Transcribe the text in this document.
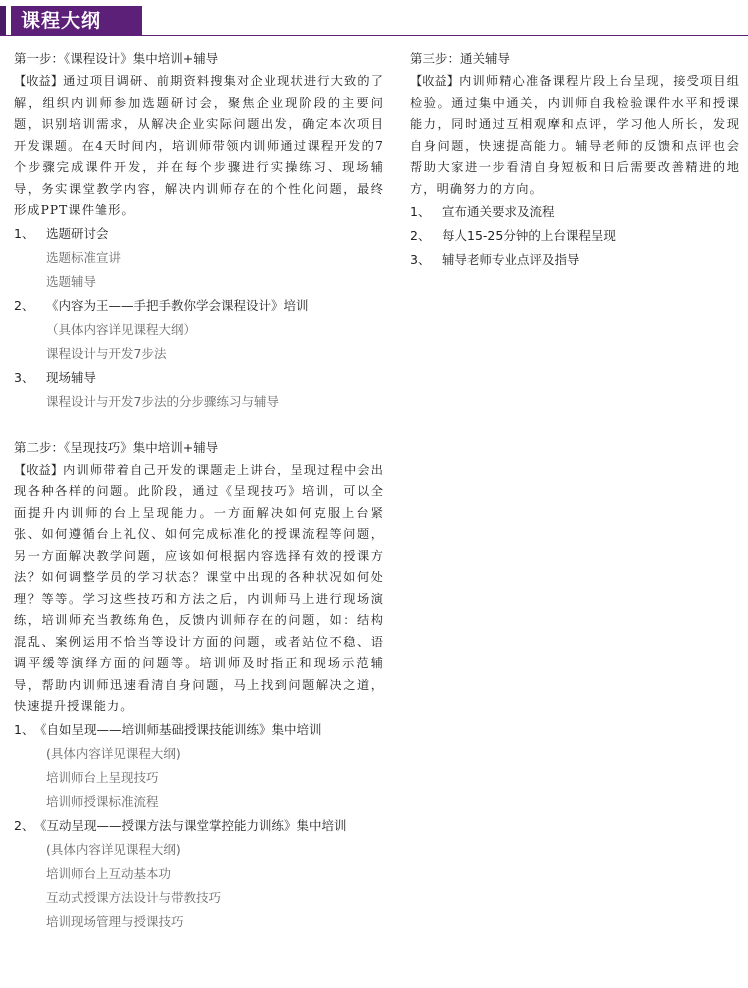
课程大纲
第一步：《课程设计》集中培训+辅导

【收益】通过项目调研、前期资料搜集对企业现状进行大致的了解，组织内训师参加选题研讨会，聚焦企业现阶段的主要问题，识别培训需求，从解决企业实际问题出发，确定本次项目开发课题。在4天时间内，培训师带领内训师通过课程开发的7个步骤完成课件开发，并在每个步骤进行实操练习、现场辅导，务实课堂教学内容，解决内训师存在的个性化问题，最终形成PPT课件雏形。

1、 选题研讨会
选题标准宣讲
选题辅导
2、 《内容为王——手把手教你学会课程设计》培训
（具体内容详见课程大纲）
课程设计与开发7步法
3、 现场辅导
课程设计与开发7步法的分步骤练习与辅导
第二步：《呈现技巧》集中培训+辅导

【收益】内训师带着自己开发的课题走上讲台，呈现过程中会出现各种各样的问题。此阶段，通过《呈现技巧》培训，可以全面提升内训师的台上呈现能力。一方面解决如何克服上台紧张、如何遵循台上礼仪、如何完成标准化的授课流程等问题，另一方面解决教学问题，应该如何根据内容选择有效的授课方法？如何调整学员的学习状态？课堂中出现的各种状况如何处理？等等。学习这些技巧和方法之后，内训师马上进行现场演练，培训师充当教练角色，反馈内训师存在的问题，如：结构混乱、案例运用不恰当等设计方面的问题，或者站位不稳、语调平缓等演绎方面的问题等。培训师及时指正和现场示范辅导，帮助内训师迅速看清自身问题，马上找到问题解决之道，快速提升授课能力。

1、《自如呈现——培训师基础授课技能训练》集中培训
(具体内容详见课程大纲)
培训师台上呈现技巧
培训师授课标准流程
2、《互动呈现——授课方法与课堂掌控能力训练》集中培训
(具体内容详见课程大纲)
培训师台上互动基本功
互动式授课方法设计与带教技巧
培训现场管理与授课技巧
第三步：通关辅导

【收益】内训师精心准备课程片段上台呈现，接受项目组检验。通过集中通关，内训师自我检验课件水平和授课能力，同时通过互相观摩和点评，学习他人所长，发现自身问题，快速提高能力。辅导老师的反馈和点评也会帮助大家进一步看清自身短板和日后需要改善精进的地方，明确努力的方向。

1、 宣布通关要求及流程
2、 每人15-25分钟的上台课程呈现
3、 辅导老师专业点评及指导
